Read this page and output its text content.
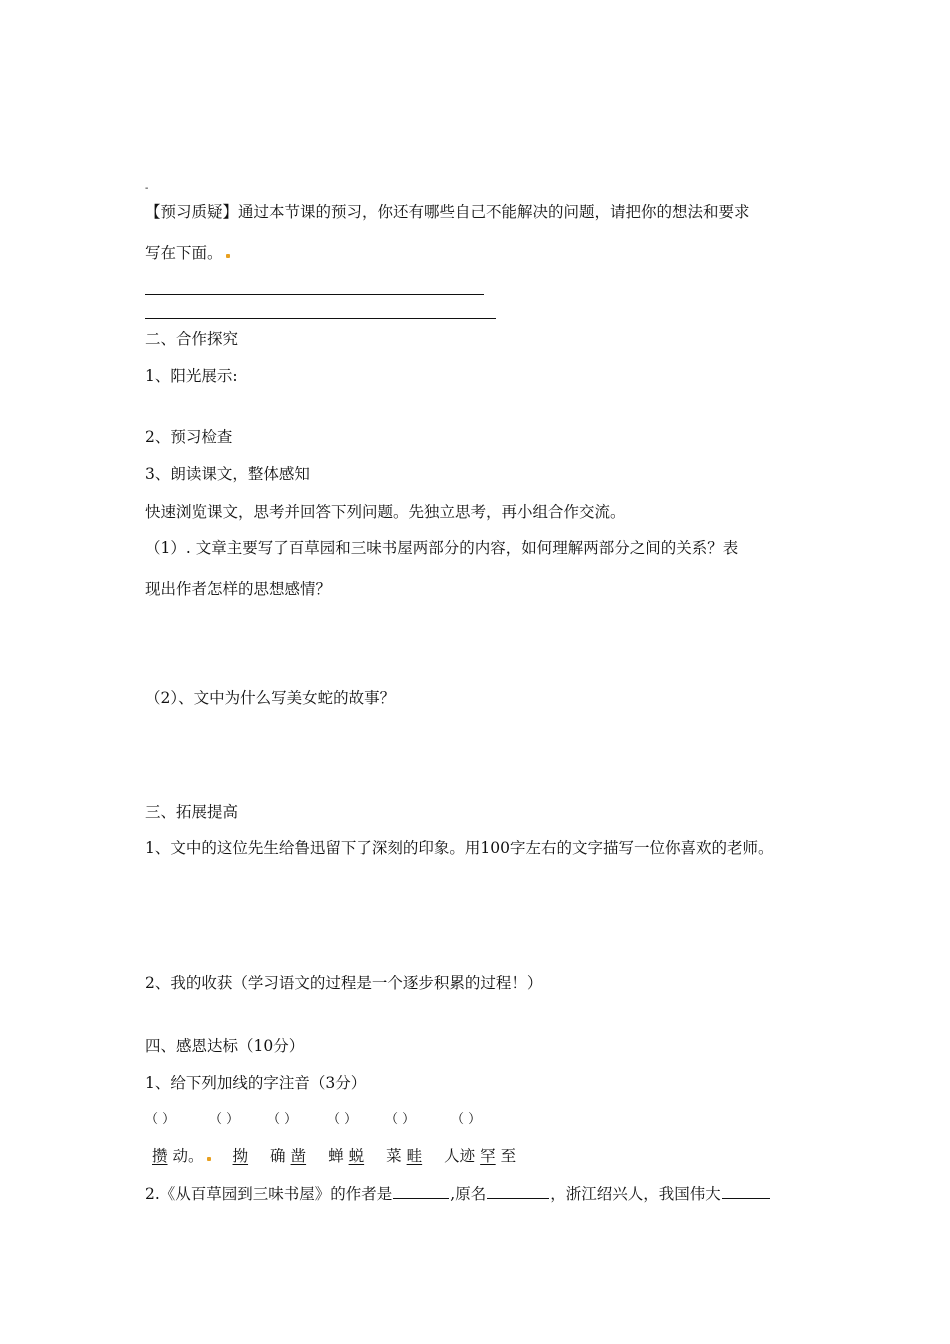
-
【预习质疑】通过本节课的预习，你还有哪些自己不能解决的问题，请把你的想法和要求
写在下面。
二、合作探究
1、阳光展示:
2、预习检查
3、朗读课文，整体感知
快速浏览课文，思考并回答下列问题。先独立思考，再小组合作交流。
（1）. 文章主要写了百草园和三味书屋两部分的内容，如何理解两部分之间的关系？表
现出作者怎样的思想感情？
（2）、文中为什么写美女蛇的故事？
三、拓展提高
1、文中的这位先生给鲁迅留下了深刻的印象。用100字左右的文字描写一位你喜欢的老师。
2、我的收获（学习语文的过程是一个逐步积累的过程！）
四、感恩达标（10分）
1、给下列加线的字注音（3分）
（ ）	（ ） （ ） （ ） （ ）	（ ）
攒 动。 拗 确 凿 蝉 蜕 菜 畦 人迹 罕 至
2.《从百草园到三味书屋》的作者是	,原名	，浙江绍兴人，我国伟大
